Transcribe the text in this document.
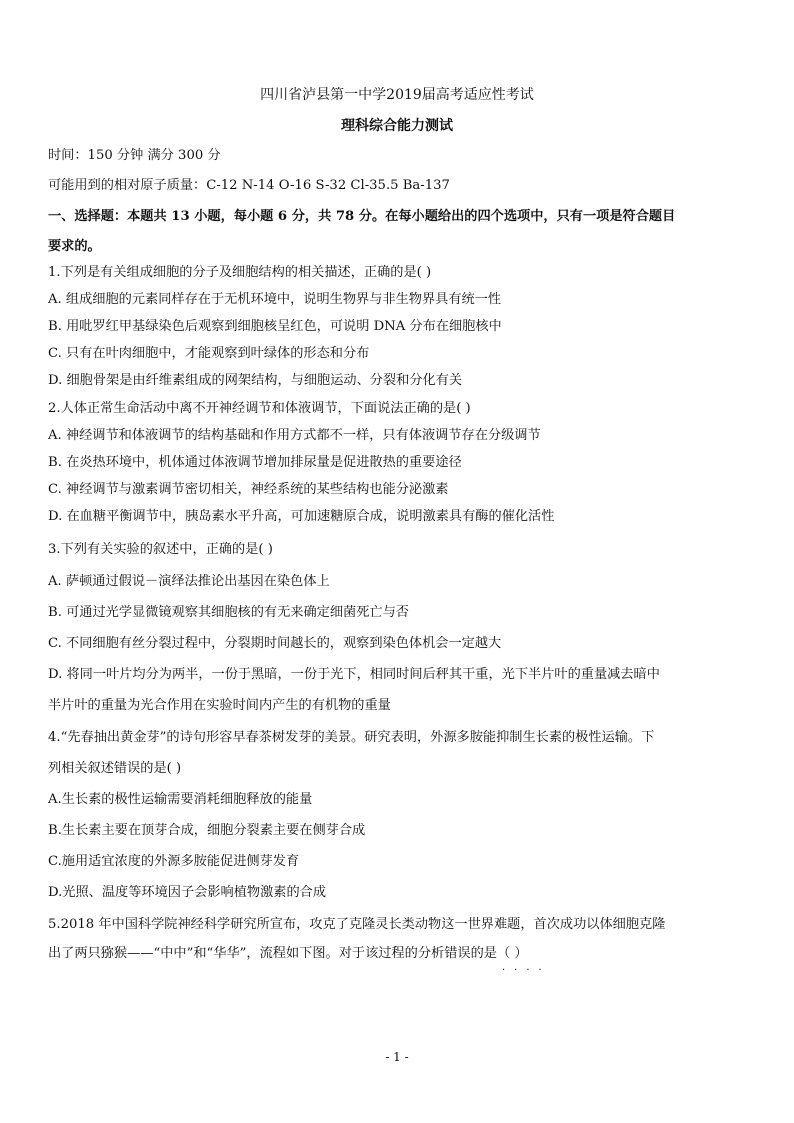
四川省泸县第一中学2019届高考适应性考试
理科综合能力测试
时间：150 分钟 满分 300 分
可能用到的相对原子质量：C-12 N-14 O-16 S-32 Cl-35.5 Ba-137
一、选择题：本题共 13 小题，每小题 6 分，共 78 分。在每小题给出的四个选项中，只有一项是符合题目
要求的。
1.下列是有关组成细胞的分子及细胞结构的相关描述，正确的是( )
A. 组成细胞的元素同样存在于无机环境中，说明生物界与非生物界具有统一性
B. 用吡罗红甲基绿染色后观察到细胞核呈红色，可说明 DNA 分布在细胞核中
C. 只有在叶肉细胞中，才能观察到叶绿体的形态和分布
D. 细胞骨架是由纤维素组成的网架结构，与细胞运动、分裂和分化有关
2.人体正常生命活动中离不开神经调节和体液调节，下面说法正确的是( )
A. 神经调节和体液调节的结构基础和作用方式都不一样，只有体液调节存在分级调节
B. 在炎热环境中，机体通过体液调节增加排尿量是促进散热的重要途径
C. 神经调节与激素调节密切相关，神经系统的某些结构也能分泌激素
D. 在血糖平衡调节中，胰岛素水平升高，可加速糖原合成，说明激素具有酶的催化活性
3.下列有关实验的叙述中，正确的是( )
A. 萨顿通过假说－演绎法推论出基因在染色体上
B. 可通过光学显微镜观察其细胞核的有无来确定细菌死亡与否
C. 不同细胞有丝分裂过程中，分裂期时间越长的，观察到染色体机会一定越大
D. 将同一叶片均分为两半，一份于黑暗，一份于光下，相同时间后秤其干重，光下半片叶的重量减去暗中
半片叶的重量为光合作用在实验时间内产生的有机物的重量
4.“先春抽出黄金芽”的诗句形容早春茶树发芽的美景。研究表明，外源多胺能抑制生长素的极性运输。下
列相关叙述错误的是( )
A.生长素的极性运输需要消耗细胞释放的能量
B.生长素主要在顶芽合成，细胞分裂素主要在侧芽合成
C.施用适宜浓度的外源多胺能促进侧芽发育
D.光照、温度等环境因子会影响植物激素的合成
5.2018 年中国科学院神经科学研究所宣布，攻克了克隆灵长类动物这一世界难题，首次成功以体细胞克隆
出了两只猕猴——“中中”和“华华”，流程如下图。对于该过程的分析错误的是（ ）
····
- 1 -
